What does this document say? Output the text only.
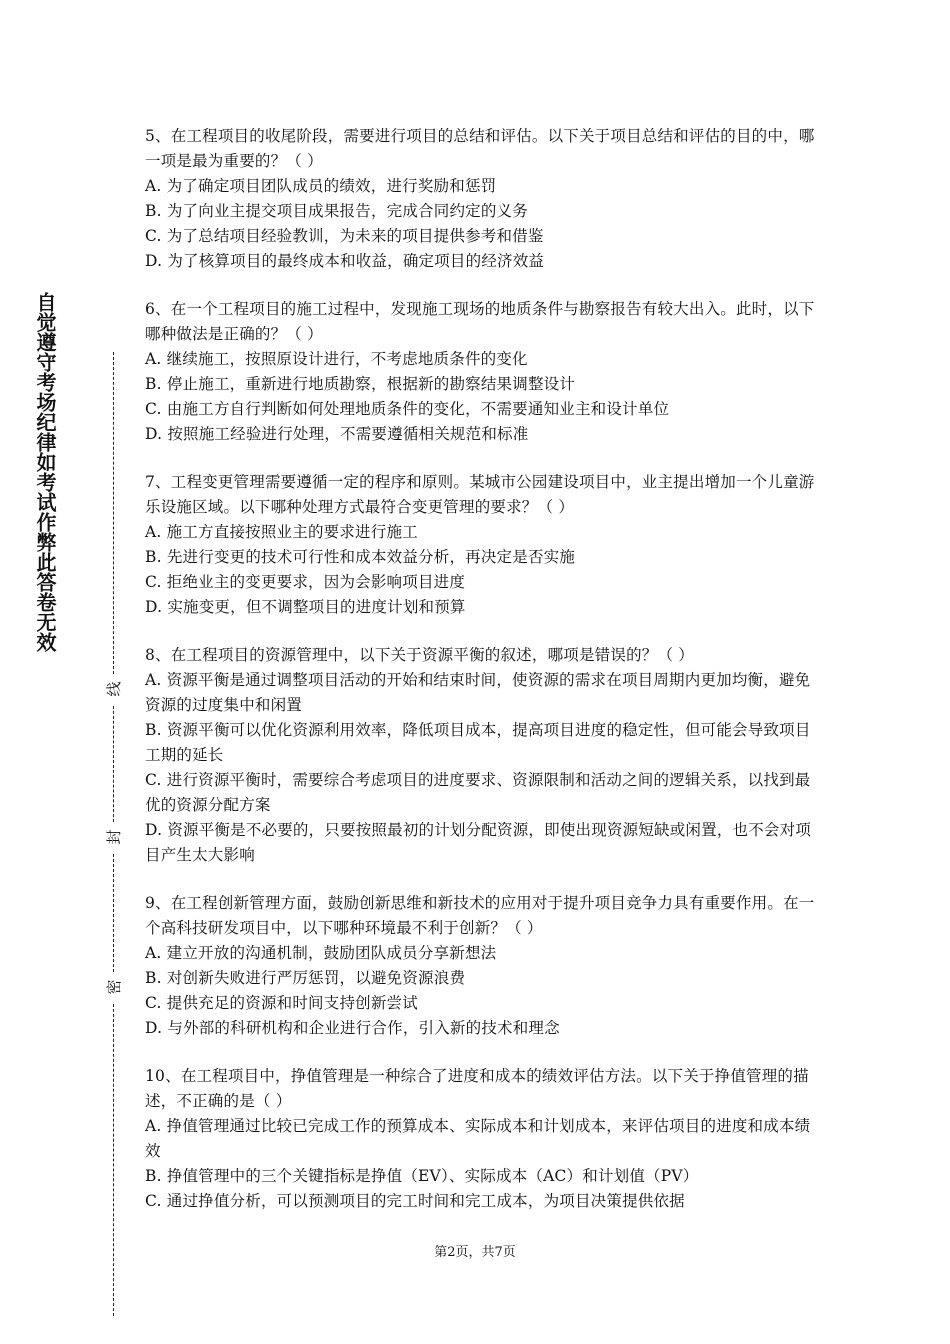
自觉遵守考场纪律如考试作弊此答卷无效
线
封
密

5、在工程项目的收尾阶段，需要进行项目的总结和评估。以下关于项目总结和评估的目的中，哪一项是最为重要的？（ ）

A. 为了确定项目团队成员的绩效，进行奖励和惩罚

B. 为了向业主提交项目成果报告，完成合同约定的义务

C. 为了总结项目经验教训，为未来的项目提供参考和借鉴

D. 为了核算项目的最终成本和收益，确定项目的经济效益

6、在一个工程项目的施工过程中，发现施工现场的地质条件与勘察报告有较大出入。此时，以下哪种做法是正确的？（ ）

A. 继续施工，按照原设计进行，不考虑地质条件的变化

B. 停止施工，重新进行地质勘察，根据新的勘察结果调整设计

C. 由施工方自行判断如何处理地质条件的变化，不需要通知业主和设计单位

D. 按照施工经验进行处理，不需要遵循相关规范和标准

7、工程变更管理需要遵循一定的程序和原则。某城市公园建设项目中，业主提出增加一个儿童游乐设施区域。以下哪种处理方式最符合变更管理的要求？（ ）

A. 施工方直接按照业主的要求进行施工

B. 先进行变更的技术可行性和成本效益分析，再决定是否实施

C. 拒绝业主的变更要求，因为会影响项目进度

D. 实施变更，但不调整项目的进度计划和预算

8、在工程项目的资源管理中，以下关于资源平衡的叙述，哪项是错误的？（ ）

A. 资源平衡是通过调整项目活动的开始和结束时间，使资源的需求在项目周期内更加均衡，避免资源的过度集中和闲置

B. 资源平衡可以优化资源利用效率，降低项目成本，提高项目进度的稳定性，但可能会导致项目工期的延长

C. 进行资源平衡时，需要综合考虑项目的进度要求、资源限制和活动之间的逻辑关系，以找到最优的资源分配方案

D. 资源平衡是不必要的，只要按照最初的计划分配资源，即使出现资源短缺或闲置，也不会对项目产生太大影响

9、在工程创新管理方面，鼓励创新思维和新技术的应用对于提升项目竞争力具有重要作用。在一个高科技研发项目中，以下哪种环境最不利于创新？（ ）

A. 建立开放的沟通机制，鼓励团队成员分享新想法

B. 对创新失败进行严厉惩罚，以避免资源浪费

C. 提供充足的资源和时间支持创新尝试

D. 与外部的科研机构和企业进行合作，引入新的技术和理念

10、在工程项目中，挣值管理是一种综合了进度和成本的绩效评估方法。以下关于挣值管理的描述，不正确的是（ ）

A. 挣值管理通过比较已完成工作的预算成本、实际成本和计划成本，来评估项目的进度和成本绩效

B. 挣值管理中的三个关键指标是挣值（EV）、实际成本（AC）和计划值（PV）

C. 通过挣值分析，可以预测项目的完工时间和完工成本，为项目决策提供依据

第2页，共7页
